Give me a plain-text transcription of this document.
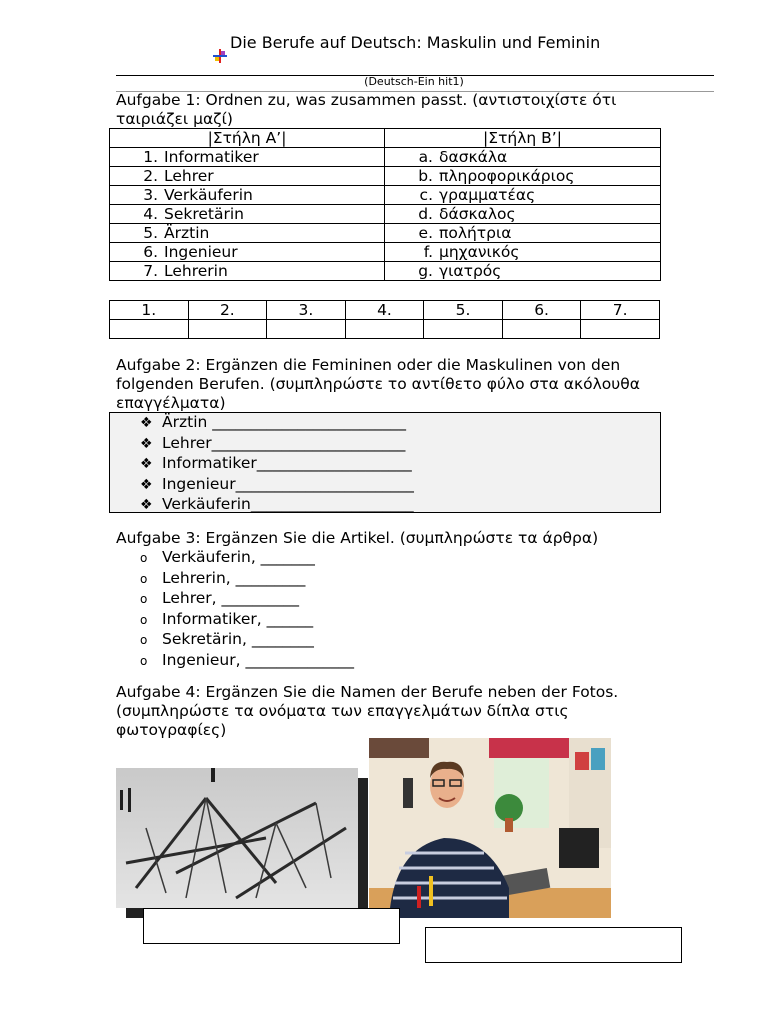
Die Berufe auf Deutsch: Maskulin und Feminin
(Deutsch-Ein hit1)
Aufgabe 1: Ordnen zu, was zusammen passt. (αντιστοιχίστε ότι ταιριάζει μαζί)
|Στήλη Α’|	|Στήλη Β’|
1. Informatiker	a. δασκάλα
2. Lehrer	b. πληροφορικάριος
3. Verkäuferin	c. γραμματέας
4. Sekretärin	d. δάσκαλος
5. Ärztin	e. πολήτρια
6. Ingenieur	f. μηχανικός
7. Lehrerin	g. γιατρός
1.	2.	3.	4.	5.	6.	7.

Aufgabe 2: Ergänzen die Femininen oder die Maskulinen von den folgenden Berufen. (συμπληρώστε το αντίθετο φύλο στα ακόλουθα επαγγέλματα)
❖ Ärztin _________________________
❖ Lehrer_________________________
❖ Informatiker____________________
❖ Ingenieur_______________________
❖ Verkäuferin_____________________
Aufgabe 3: Ergänzen Sie die Artikel. (συμπληρώστε τα άρθρα)
o Verkäuferin, _______
o Lehrerin, _________
o Lehrer, __________
o Informatiker, ______
o Sekretärin, ________
o Ingenieur, ______________
Aufgabe 4: Ergänzen Sie die Namen der Berufe neben der Fotos. (συμπληρώστε τα ονόματα των επαγγελμάτων δίπλα στις φωτογραφίες)
